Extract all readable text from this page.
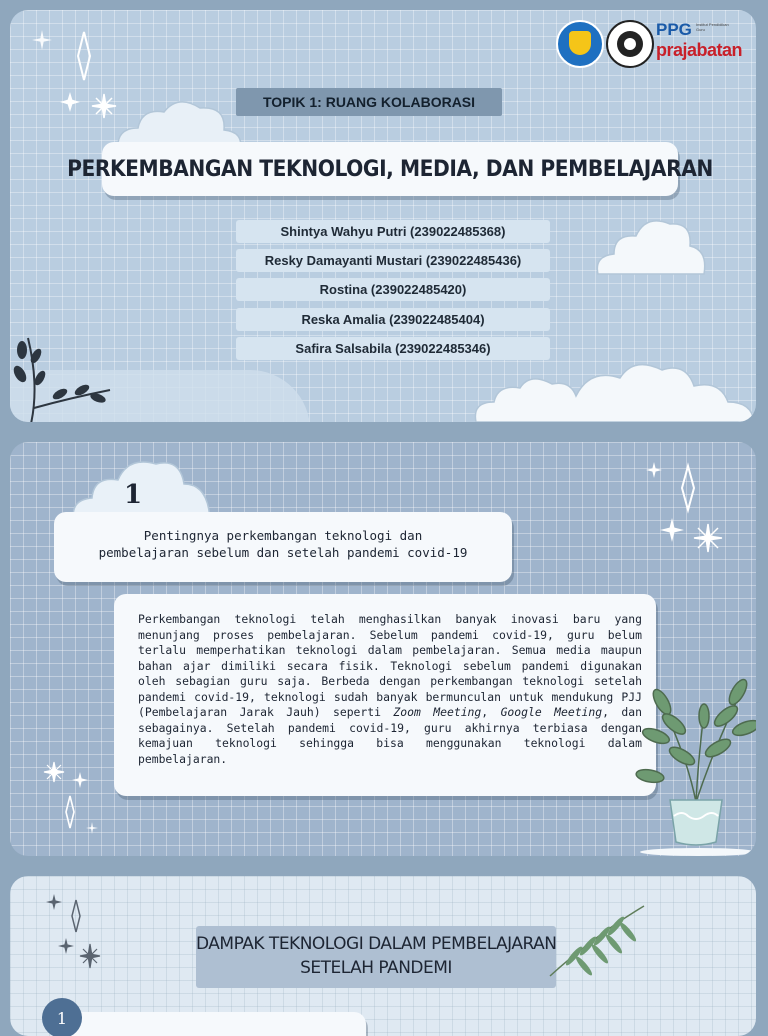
PPG Institut Pendidikan Guru
prajabatan
TOPIK 1: RUANG KOLABORASI
PERKEMBANGAN TEKNOLOGI, MEDIA, DAN PEMBELAJARAN
Shintya Wahyu Putri (239022485368)
Resky Damayanti Mustari (239022485436)
Rostina (239022485420)
Reska Amalia (239022485404)
Safira Salsabila (239022485346)
1
Pentingnya perkembangan teknologi dan
pembelajaran sebelum dan setelah pandemi covid-19

Perkembangan teknologi telah menghasilkan banyak inovasi baru yang menunjang proses pembelajaran. Sebelum pandemi covid-19, guru belum terlalu memperhatikan teknologi dalam pembelajaran. Semua media maupun bahan ajar dimiliki secara fisik. Teknologi sebelum pandemi digunakan oleh sebagian guru saja. Berbeda dengan perkembangan teknologi setelah pandemi covid-19, teknologi sudah banyak bermunculan untuk mendukung PJJ (Pembelajaran Jarak Jauh) seperti Zoom Meeting, Google Meeting, dan sebagainya. Setelah pandemi covid-19, guru akhirnya terbiasa dengan kemajuan teknologi sehingga bisa menggunakan teknologi dalam pembelajaran.

DAMPAK TEKNOLOGI DALAM PEMBELAJARAN
SETELAH PANDEMI
1
